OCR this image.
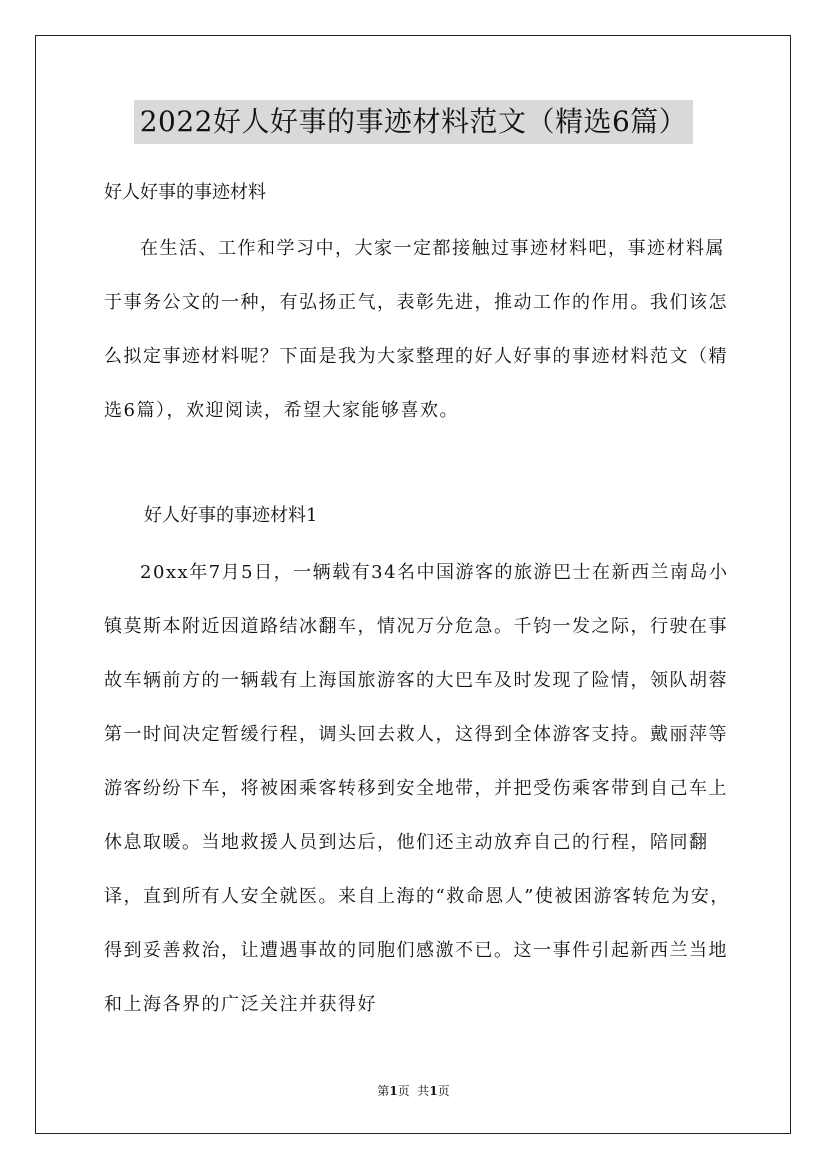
2022好人好事的事迹材料范文（精选6篇）
好人好事的事迹材料

在生活、工作和学习中，大家一定都接触过事迹材料吧，事迹材料属于事务公文的一种，有弘扬正气，表彰先进，推动工作的作用。我们该怎么拟定事迹材料呢？下面是我为大家整理的好人好事的事迹材料范文（精选6篇），欢迎阅读，希望大家能够喜欢。

好人好事的事迹材料1

20xx年7月5日，一辆载有34名中国游客的旅游巴士在新西兰南岛小镇莫斯本附近因道路结冰翻车，情况万分危急。千钧一发之际，行驶在事故车辆前方的一辆载有上海国旅游客的大巴车及时发现了险情，领队胡蓉第一时间决定暂缓行程，调头回去救人，这得到全体游客支持。戴丽萍等游客纷纷下车，将被困乘客转移到安全地带，并把受伤乘客带到自己车上休息取暖。当地救援人员到达后，他们还主动放弃自己的行程，陪同翻译，直到所有人安全就医。来自上海的“救命恩人”使被困游客转危为安，得到妥善救治，让遭遇事故的同胞们感激不已。这一事件引起新西兰当地和上海各界的广泛关注并获得好

第1页  共1页
